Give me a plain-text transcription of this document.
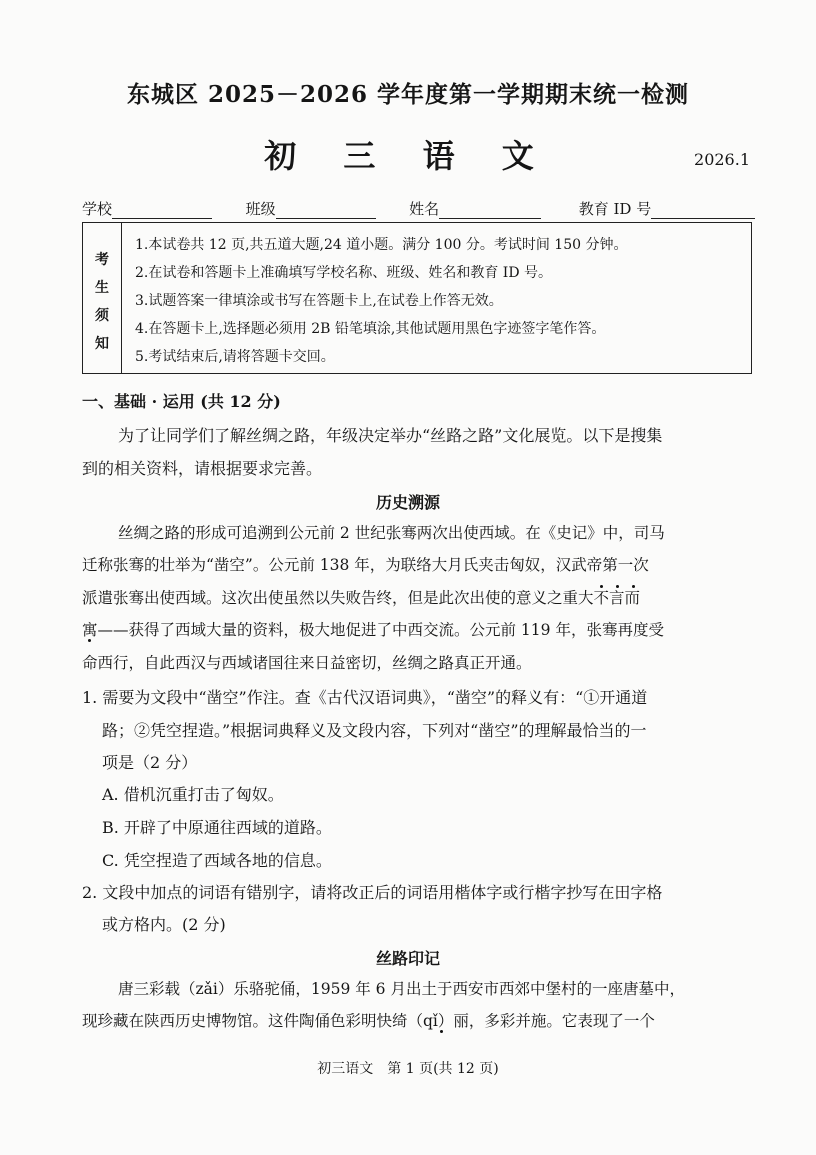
东城区 2025－2026 学年度第一学期期末统一检测
初 三 语 文	2026.1
学校	班级	姓名	教育 ID 号
考
生
须
知
1.本试卷共 12 页,共五道大题,24 道小题。满分 100 分。考试时间 150 分钟。
2.在试卷和答题卡上准确填写学校名称、班级、姓名和教育 ID 号。
3.试题答案一律填涂或书写在答题卡上,在试卷上作答无效。
4.在答题卡上,选择题必须用 2B 铅笔填涂,其他试题用黑色字迹签字笔作答。
5.考试结束后,请将答题卡交回。
一、基础 · 运用 (共 12 分)
为了让同学们了解丝绸之路，年级决定举办“丝路之路”文化展览。以下是搜集
到的相关资料，请根据要求完善。
历史溯源
丝绸之路的形成可追溯到公元前 2 世纪张骞两次出使西域。在《史记》中，司马
迁称张骞的壮举为“凿空”。公元前 138 年，为联络大月氏夹击匈奴，汉武帝第一次
派遣张骞出使西域。这次出使虽然以失败告终，但是此次出使的意义之重大不言而
寓——获得了西域大量的资料，极大地促进了中西交流。公元前 119 年，张骞再度受
命西行，自此西汉与西域诸国往来日益密切，丝绸之路真正开通。
1. 需要为文段中“凿空”作注。查《古代汉语词典》，“凿空”的释义有：“①开通道
路；②凭空捏造。”根据词典释义及文段内容，下列对“凿空”的理解最恰当的一
项是（2 分）
A. 借机沉重打击了匈奴。
B. 开辟了中原通往西域的道路。
C. 凭空捏造了西域各地的信息。
2. 文段中加点的词语有错别字，请将改正后的词语用楷体字或行楷字抄写在田字格
或方格内。(2 分)
丝路印记
唐三彩载（zǎi）乐骆驼俑，1959 年 6 月出土于西安市西郊中堡村的一座唐墓中，
现珍藏在陕西历史博物馆。这件陶俑色彩明快绮（qǐ）丽，多彩并施。它表现了一个
初三语文　第 1 页(共 12 页)
